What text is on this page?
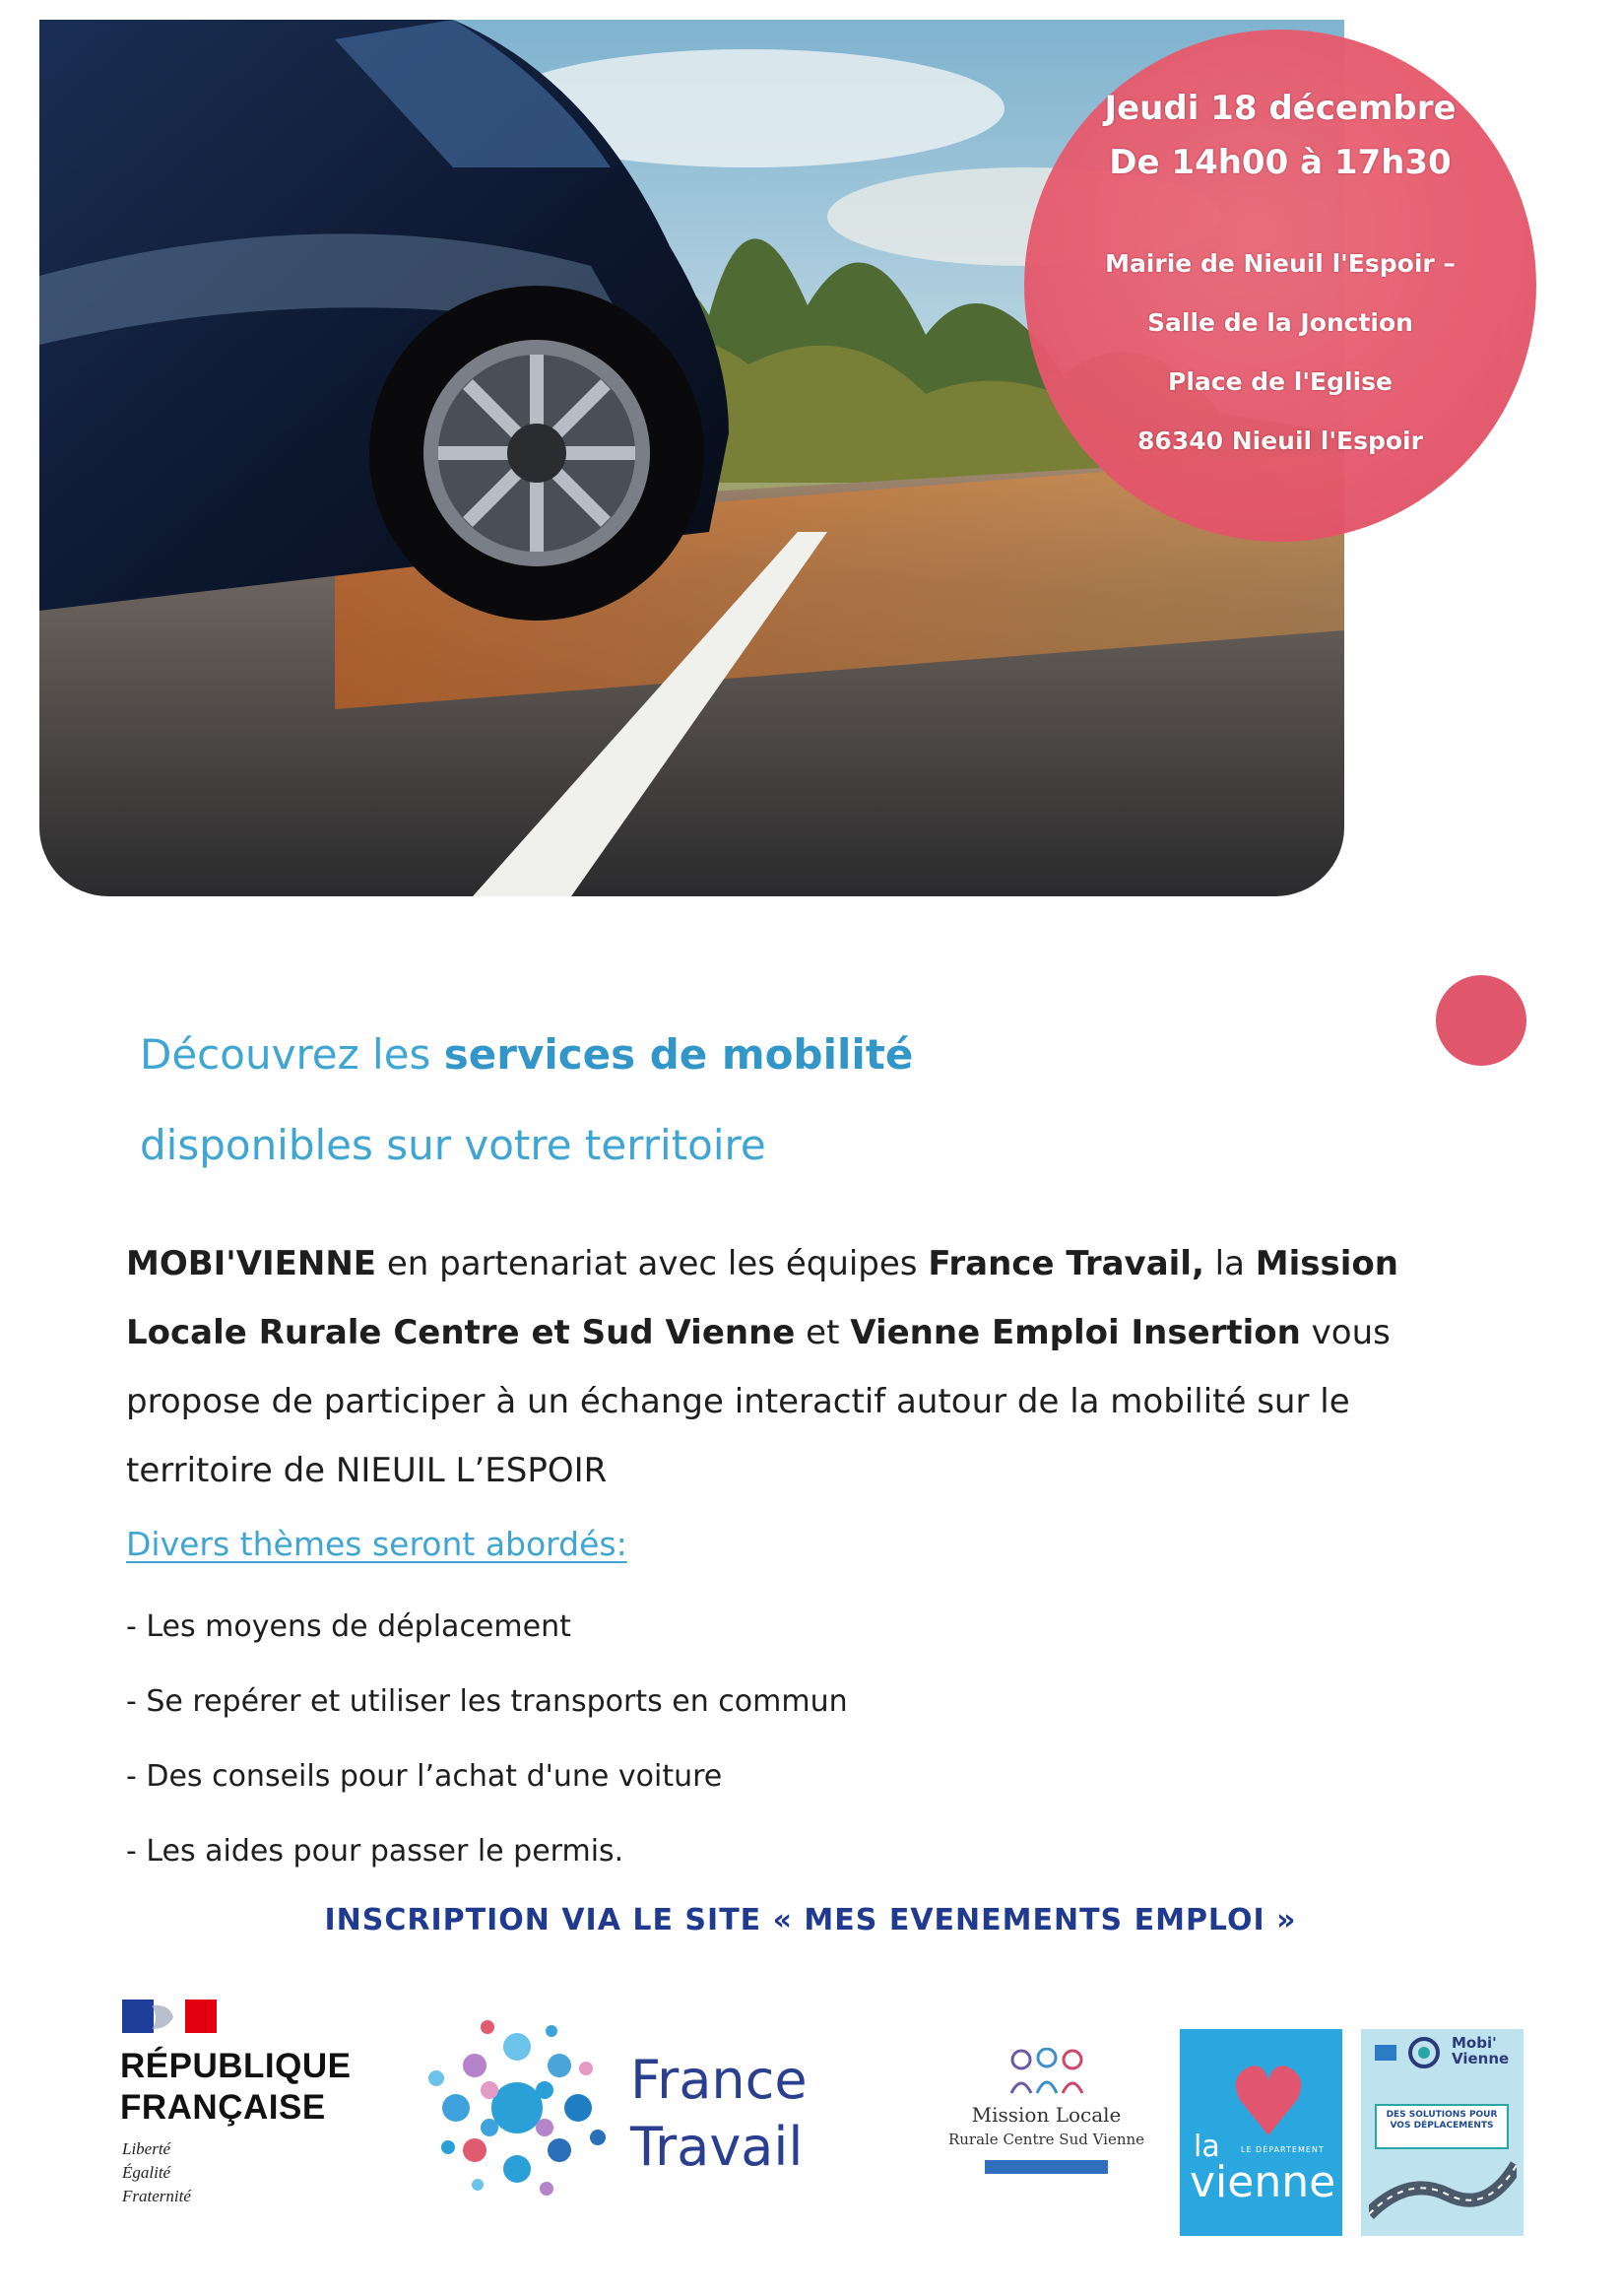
Jeudi 18 décembre
De 14h00 à 17h30
Mairie de Nieuil l'Espoir –
Salle de la Jonction
Place de l'Eglise
86340 Nieuil l'Espoir
Découvrez les services de mobilité
disponibles sur votre territoire
MOBI'VIENNE en partenariat avec les équipes France Travail, la Mission Locale Rurale Centre et Sud Vienne et Vienne Emploi Insertion vous propose de participer à un échange interactif autour de la mobilité sur le territoire de NIEUIL L’ESPOIR
Divers thèmes seront abordés:
- Les moyens de déplacement
- Se repérer et utiliser les transports en commun
- Des conseils pour l’achat d'une voiture
- Les aides pour passer le permis.
INSCRIPTION VIA LE SITE « MES EVENEMENTS EMPLOI »
RÉPUBLIQUE
FRANÇAISE
Liberté
Égalité
Fraternité
France
Travail
Mission Locale
Rurale Centre Sud Vienne la	LE DÉPARTEMENT
vienne
Mobi' Vienne
DES SOLUTIONS POUR VOS DÉPLACEMENTS
